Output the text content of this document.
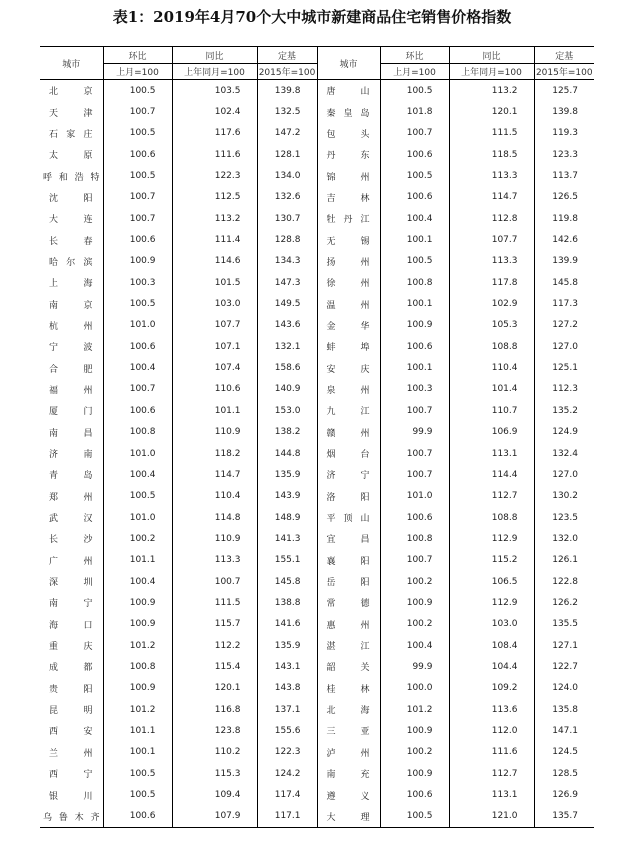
表1：2019年4月70个大中城市新建商品住宅销售价格指数
城市	环比	同比	定基	城市	环比	同比	定基
	上月=100	上年同月=100	2015年=100		上月=100	上年同月=100	2015年=100
北京	100.5	103.5	139.8	唐山	100.5	113.2	125.7
天津	100.7	102.4	132.5	秦皇岛	101.8	120.1	139.8
石家庄	100.5	117.6	147.2	包头	100.7	111.5	119.3
太原	100.6	111.6	128.1	丹东	100.6	118.5	123.3
呼和浩特	100.5	122.3	134.0	锦州	100.5	113.3	113.7
沈阳	100.7	112.5	132.6	吉林	100.6	114.7	126.5
大连	100.7	113.2	130.7	牡丹江	100.4	112.8	119.8
长春	100.6	111.4	128.8	无锡	100.1	107.7	142.6
哈尔滨	100.9	114.6	134.3	扬州	100.5	113.3	139.9
上海	100.3	101.5	147.3	徐州	100.8	117.8	145.8
南京	100.5	103.0	149.5	温州	100.1	102.9	117.3
杭州	101.0	107.7	143.6	金华	100.9	105.3	127.2
宁波	100.6	107.1	132.1	蚌埠	100.6	108.8	127.0
合肥	100.4	107.4	158.6	安庆	100.1	110.4	125.1
福州	100.7	110.6	140.9	泉州	100.3	101.4	112.3
厦门	100.6	101.1	153.0	九江	100.7	110.7	135.2
南昌	100.8	110.9	138.2	赣州	99.9	106.9	124.9
济南	101.0	118.2	144.8	烟台	100.7	113.1	132.4
青岛	100.4	114.7	135.9	济宁	100.7	114.4	127.0
郑州	100.5	110.4	143.9	洛阳	101.0	112.7	130.2
武汉	101.0	114.8	148.9	平顶山	100.6	108.8	123.5
长沙	100.2	110.9	141.3	宜昌	100.8	112.9	132.0
广州	101.1	113.3	155.1	襄阳	100.7	115.2	126.1
深圳	100.4	100.7	145.8	岳阳	100.2	106.5	122.8
南宁	100.9	111.5	138.8	常德	100.9	112.9	126.2
海口	100.9	115.7	141.6	惠州	100.2	103.0	135.5
重庆	101.2	112.2	135.9	湛江	100.4	108.4	127.1
成都	100.8	115.4	143.1	韶关	99.9	104.4	122.7
贵阳	100.9	120.1	143.8	桂林	100.0	109.2	124.0
昆明	101.2	116.8	137.1	北海	101.2	113.6	135.8
西安	101.1	123.8	155.6	三亚	100.9	112.0	147.1
兰州	100.1	110.2	122.3	泸州	100.2	111.6	124.5
西宁	100.5	115.3	124.2	南充	100.9	112.7	128.5
银川	100.5	109.4	117.4	遵义	100.6	113.1	126.9
乌鲁木齐	100.6	107.9	117.1	大理	100.5	121.0	135.7
